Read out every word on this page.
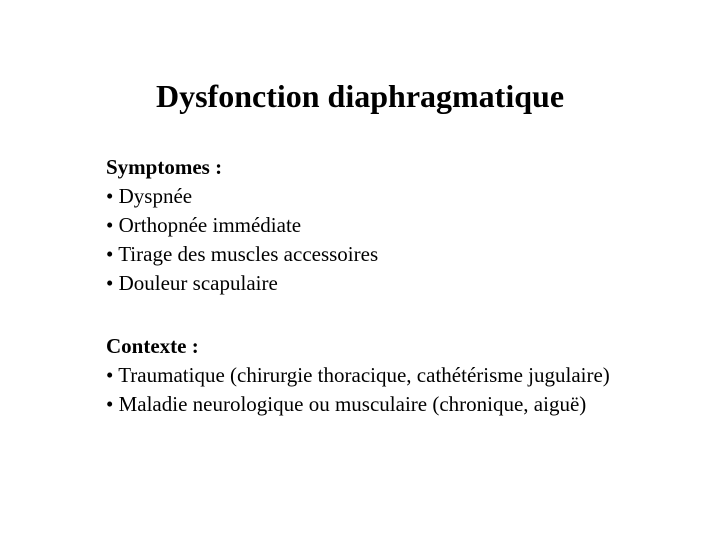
Dysfonction diaphragmatique
Symptomes :
• Dyspnée
• Orthopnée immédiate
• Tirage des muscles accessoires
• Douleur scapulaire
Contexte :
• Traumatique (chirurgie thoracique, cathétérisme jugulaire)
• Maladie neurologique ou musculaire (chronique, aiguë)
